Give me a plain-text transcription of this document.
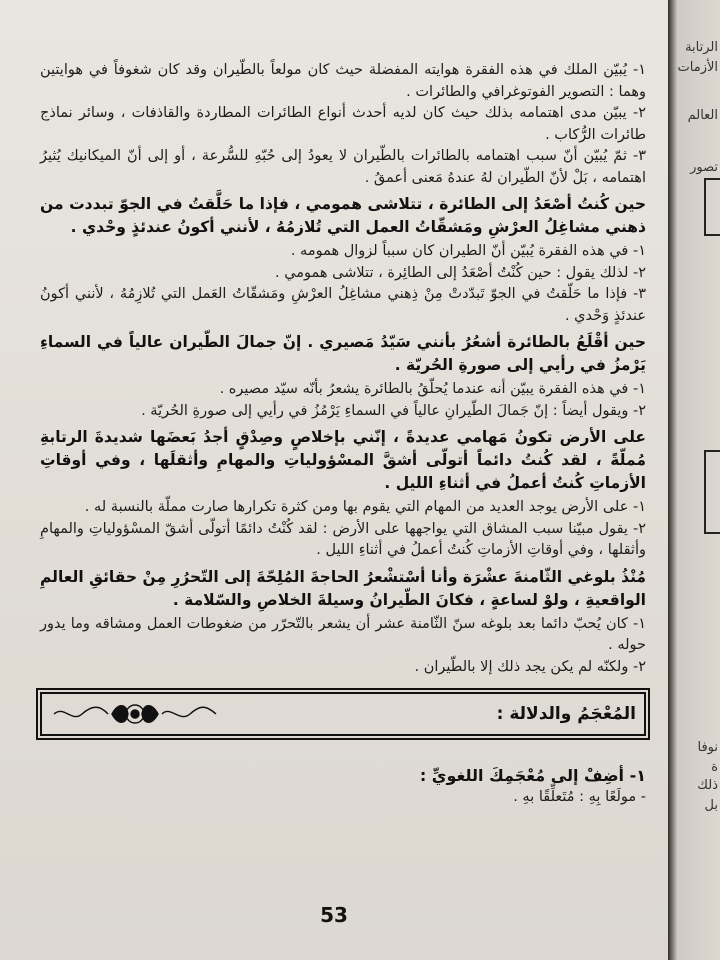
١- يُبيّن الملك في هذه الفقرة هوايته المفضلة حيث كان مولعاً بالطّيران وقد كان شغوفاً في هوايتين وهما : التصوير الفوتوغرافي والطائرات .

٢- يبيّن مدى اهتمامه بذلك حيث كان لديه أحدث أنواع الطائرات المطاردة والقاذفات ، وسائر نماذج طائرات الرُّكاب .

٣- ثمّ يُبيّن أنّ سبب اهتمامه بالطائرات بالطّيران لا يعودُ إلى حُبّهِ للسُّرعة ، أو إلى أنّ الميكانيك يُثيرُ اهتمامه ، بَلْ لأنّ الطّيران لهُ عندهُ مَعنى أعمقُ .

حين كُنتُ أصْعَدُ إلى الطائرة ، تتلاشى همومي ، فإذا ما حَلَّقتُ في الجوّ تبددت من ذهني مشاغِلُ العرْشِ ومَشقّاتُ العمل التي تُلازمُهُ ، لأنني أكونُ عندئذٍ وحْدي .

١- في هذه الفقرة يُبيّن أنّ الطيران كان سبباً لزوال همومه .

٢- لذلك يقول : حين كُنْتُ أصْعَدُ إلى الطائِرة ، تتلاشى همومي .

٣- فإذا ما حَلّقتُ في الجوّ تَبدّدتْ مِنْ ذِهني مشاغِلُ العرْشِ ومَشقّاتُ العَمل التي تُلازِمُهُ ، لأنني أكونُ عندئذٍ وَحْدي .

حين أقْلَعُ بالطائرة أشعُرُ بأنني سَيّدُ مَصيري . إنّ جمالَ الطّيران عالياً في السماءِ يَرْمزُ في رأيي إلى صورةِ الحُريّة .

١- في هذه الفقرة يبيّن أنه عندما يُحلّقُ بالطائرة يشعرُ بأنّه سيّد مصيره .

٢- ويقول أيضاً : إنّ جَمالَ الطّيرانِ عالياً في السماءِ يَرْمُزُ في رأيي إلى صورةِ الحُريّة .

على الأرض تكونُ مَهامي عديدةً ، إنّني بإخلاصٍ وصِدْقٍ أجدُ بَعضَها شديدةَ الرتابةِ مُملّةً ، لقد كُنتُ دائماً أتولّى أشقَّ المسْؤولياتِ والمهامِ وأثقلَها ، وفي أوقاتِ الأزماتِ كُنتُ أعملُ في أثناءِ الليل .

١- على الأرض يوجد العديد من المهام التي يقوم بها ومن كثرة تكرارها صارت مملّة بالنسبة له .

٢- يقول مبيّنا سبب المشاق التي يواجهها على الأرض : لقد كُنْتُ دائمًا أتولّى أشقّ المسْؤولياتِ والمهامِ وأثقلها ، وفي أوقاتِ الأزماتِ كُنتُ أعملُ في أثناءِ الليل .

مُنْذُ بلوغي الثّامنةَ عشْرَة وأنا أسْتشْعرُ الحاجةَ المُلِحّةَ إلى التّحرُرِ مِنْ حقائقِ العالمِ الواقعيةِ ، ولوْ لساعةٍ ، فكانَ الطّيرانُ وسيلةَ الخلاصِ والسّلامة .

١- كان يُحبّ دائما بعد بلوغه سنّ الثّامنة عشر أن يشعر بالتّحرّر من ضغوطات العمل ومشاقه وما يدور حوله .

٢- ولكنّه لم يكن يجد ذلك إلا بالطّيران .

المُعْجَمُ والدلالة :
١- أضِفْ إلى مُعْجَمِكَ اللغويِّ :
- مولَعًا بِهِ : مُتَعلِّقًا بهِ .
53
الرتابة
الأزمات
العالم
تصور
نوفا
ة
ذلك
بل
